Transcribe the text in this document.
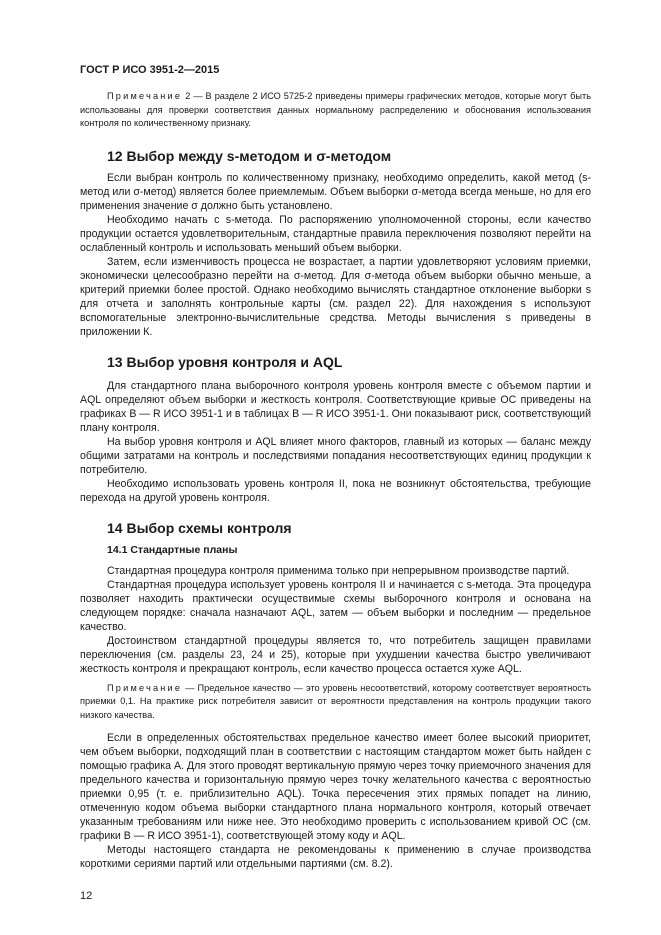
ГОСТ Р ИСО 3951-2—2015

Примечание 2 — В разделе 2 ИСО 5725-2 приведены примеры графических методов, которые могут быть использованы для проверки соответствия данных нормальному распределению и обоснования использования контроля по количественному признаку.

12 Выбор между s-методом и σ-методом

Если выбран контроль по количественному признаку, необходимо определить, какой метод (s-метод или σ-метод) является более приемлемым. Объем выборки σ-метода всегда меньше, но для его применения значение σ должно быть установлено.

Необходимо начать с s-метода. По распоряжению уполномоченной стороны, если качество продукции остается удовлетворительным, стандартные правила переключения позволяют перейти на ослабленный контроль и использовать меньший объем выборки.

Затем, если изменчивость процесса не возрастает, а партии удовлетворяют условиям приемки, экономически целесообразно перейти на σ-метод. Для σ-метода объем выборки обычно меньше, а критерий приемки более простой. Однако необходимо вычислять стандартное отклонение выборки s для отчета и заполнять контрольные карты (см. раздел 22). Для нахождения s используют вспомогательные электронно-вычислительные средства. Методы вычисления s приведены в приложении К.

13 Выбор уровня контроля и AQL

Для стандартного плана выборочного контроля уровень контроля вместе с объемом партии и AQL определяют объем выборки и жесткость контроля. Соответствующие кривые ОС приведены на графиках B — R ИСО 3951-1 и в таблицах B — R ИСО 3951-1. Они показывают риск, соответствующий плану контроля.

На выбор уровня контроля и AQL влияет много факторов, главный из которых — баланс между общими затратами на контроль и последствиями попадания несоответствующих единиц продукции к потребителю.

Необходимо использовать уровень контроля II, пока не возникнут обстоятельства, требующие перехода на другой уровень контроля.

14 Выбор схемы контроля
14.1 Стандартные планы

Стандартная процедура контроля применима только при непрерывном производстве партий.

Стандартная процедура использует уровень контроля II и начинается с s-метода. Эта процедура позволяет находить практически осуществимые схемы выборочного контроля и основана на следующем порядке: сначала назначают AQL, затем — объем выборки и последним — предельное качество.

Достоинством стандартной процедуры является то, что потребитель защищен правилами переключения (см. разделы 23, 24 и 25), которые при ухудшении качества быстро увеличивают жесткость контроля и прекращают контроль, если качество процесса остается хуже AQL.

Примечание — Предельное качество — это уровень несоответствий, которому соответствует вероятность приемки 0,1. На практике риск потребителя зависит от вероятности представления на контроль продукции такого низкого качества.

Если в определенных обстоятельствах предельное качество имеет более высокий приоритет, чем объем выборки, подходящий план в соответствии с настоящим стандартом может быть найден с помощью графика А. Для этого проводят вертикальную прямую через точку приемочного значения для предельного качества и горизонтальную прямую через точку желательного качества с вероятностью приемки 0,95 (т. е. приблизительно AQL). Точка пересечения этих прямых попадет на линию, отмеченную кодом объема выборки стандартного плана нормального контроля, который отвечает указанным требованиям или ниже нее. Это необходимо проверить с использованием кривой ОС (см. графики B — R ИСО 3951-1), соответствующей этому коду и AQL.

Методы настоящего стандарта не рекомендованы к применению в случае производства короткими сериями партий или отдельными партиями (см. 8.2).

12
